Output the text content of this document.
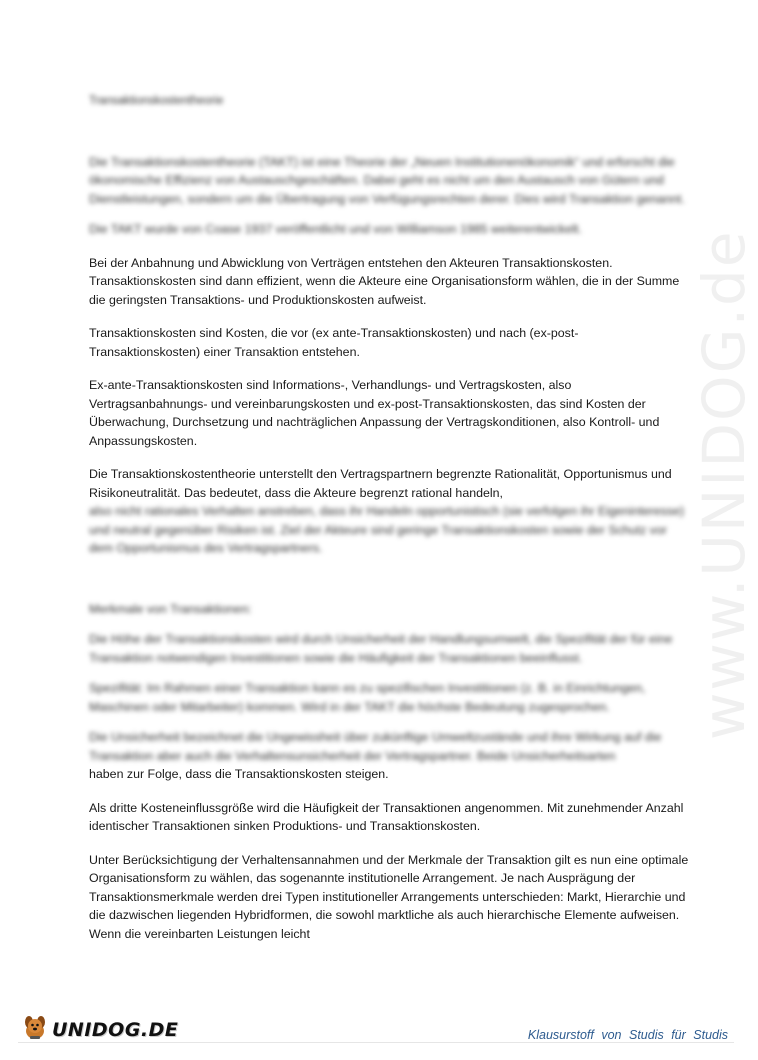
www.UNIDOG.de

Transaktionskostentheorie

Die Transaktionskostentheorie (TAKT) ist eine Theorie der „Neuen Institutionenökonomik“ und erforscht die ökonomische Effizienz von Austauschgeschäften. Dabei geht es nicht um den Austausch von Gütern und Dienstleistungen, sondern um die Übertragung von Verfügungsrechten derer. Dies wird Transaktion genannt.

Die TAKT wurde von Coase 1937 veröffentlicht und von Williamson 1985 weiterentwickelt.

Bei der Anbahnung und Abwicklung von Verträgen entstehen den Akteuren Transaktionskosten. Transaktionskosten sind dann effizient, wenn die Akteure eine Organisationsform wählen, die in der Summe die geringsten Transaktions- und Produktionskosten aufweist.

Transaktionskosten sind Kosten, die vor (ex ante-Transaktionskosten) und nach (ex-post-Transaktionskosten) einer Transaktion entstehen.

Ex-ante-Transaktionskosten sind Informations-, Verhandlungs- und Vertragskosten, also Vertragsanbahnungs- und vereinbarungskosten und ex-post-Transaktionskosten, das sind Kosten der Überwachung, Durchsetzung und nachträglichen Anpassung der Vertragskonditionen, also Kontroll- und Anpassungskosten.

Die Transaktionskostentheorie unterstellt den Vertragspartnern begrenzte Rationalität, Opportunismus und Risikoneutralität. Das bedeutet, dass die Akteure begrenzt rational handeln,

also nicht rationales Verhalten anstreben, dass ihr Handeln opportunistisch (sie verfolgen ihr Eigeninteresse) und neutral gegenüber Risiken ist. Ziel der Akteure sind geringe Transaktionskosten sowie der Schutz vor dem Opportunismus des Vertragspartners.

Merkmale von Transaktionen:

Die Höhe der Transaktionskosten wird durch Unsicherheit der Handlungsumwelt, die Spezifität der für eine Transaktion notwendigen Investitionen sowie die Häufigkeit der Transaktionen beeinflusst.

Spezifität: Im Rahmen einer Transaktion kann es zu spezifischen Investitionen (z. B. in Einrichtungen, Maschinen oder Mitarbeiter) kommen. Wird in der TAKT die höchste Bedeutung zugesprochen.

Die Unsicherheit bezeichnet die Ungewissheit über zukünftige Umweltzustände und ihre Wirkung auf die Transaktion aber auch die Verhaltensunsicherheit der Vertragspartner. Beide Unsicherheitsarten

haben zur Folge, dass die Transaktionskosten steigen.

Als dritte Kosteneinflussgröße wird die Häufigkeit der Transaktionen angenommen. Mit zunehmender Anzahl identischer Transaktionen sinken Produktions- und Transaktionskosten.

Unter Berücksichtigung der Verhaltensannahmen und der Merkmale der Transaktion gilt es nun eine optimale Organisationsform zu wählen, das sogenannte institutionelle Arrangement. Je nach Ausprägung der Transaktionsmerkmale werden drei Typen institutioneller Arrangements unterschieden: Markt, Hierarchie und die dazwischen liegenden Hybridformen, die sowohl marktliche als auch hierarchische Elemente aufweisen. Wenn die vereinbarten Leistungen leicht

UNIDOG.DE	Klausurstoff von Studis für Studis
